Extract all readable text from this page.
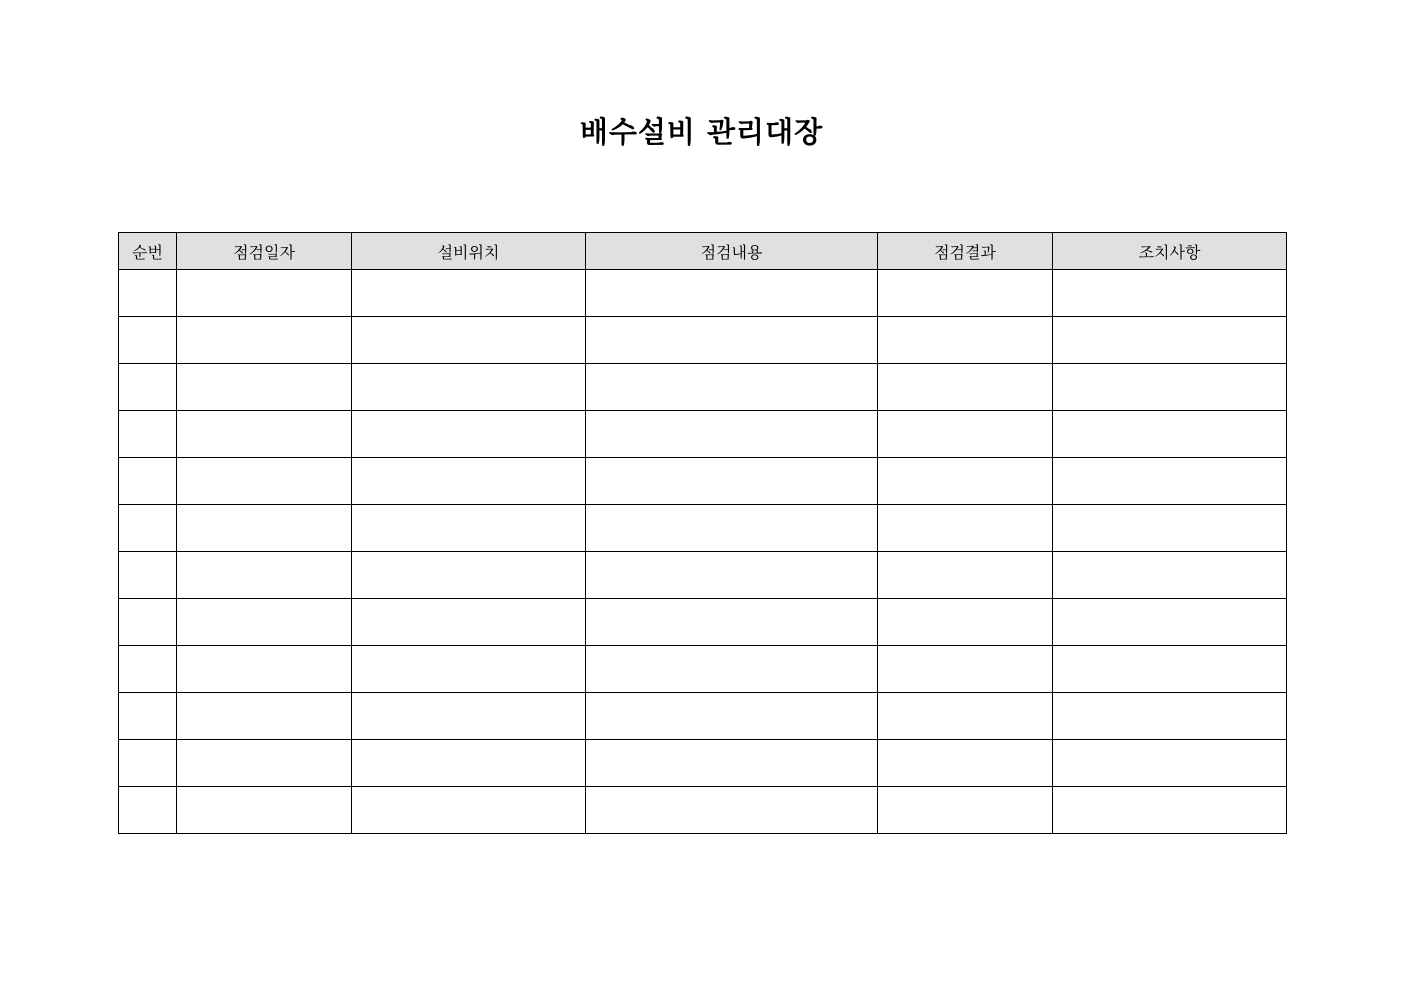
배수설비 관리대장
순번	점검일자	설비위치	점검내용	점검결과	조치사항
